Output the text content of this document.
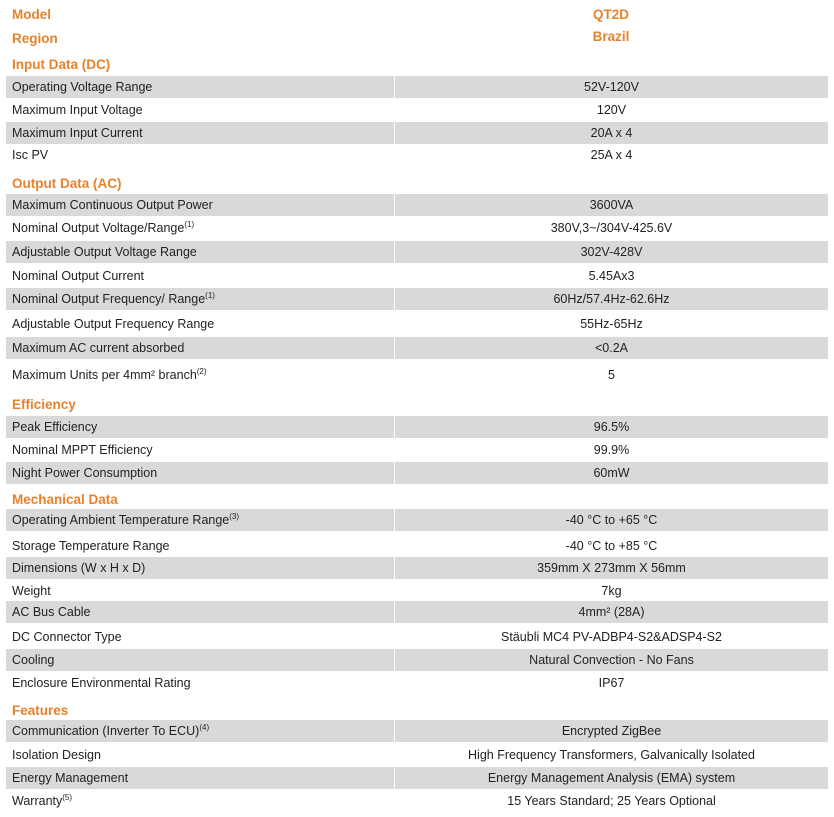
Model	QT2D
Region	Brazil
Input Data (DC)
Operating Voltage Range	52V-120V
Maximum Input Voltage	120V
Maximum Input Current	20A x 4
Isc PV	25A x 4
Output Data (AC)
Maximum Continuous Output Power	3600VA
Nominal Output Voltage/Range$^{(1)}$	380V,3~/304V-425.6V
Adjustable Output Voltage Range	302V-428V
Nominal Output Current	5.45Ax3
Nominal Output Frequency/ Range$^{(1)}$	60Hz/57.4Hz-62.6Hz
Adjustable Output Frequency Range	55Hz-65Hz
Maximum AC current absorbed	<0.2A
Maximum Units per 4mm² branch$^{(2)}$	5
Efficiency
Peak Efficiency	96.5%
Nominal MPPT Efficiency	99.9%
Night Power Consumption	60mW
Mechanical Data
Operating Ambient Temperature Range$^{(3)}$	-40 °C to +65 °C
Storage Temperature Range	-40 °C to +85 °C
Dimensions (W x H x D)	359mm X 273mm X 56mm
Weight	7kg
AC Bus Cable	4mm² (28A)
DC Connector Type	Stäubli MC4 PV-ADBP4-S2&ADSP4-S2
Cooling	Natural Convection - No Fans
Enclosure Environmental Rating	IP67
Features
Communication (Inverter To ECU)$^{(4)}$	Encrypted ZigBee
Isolation Design	High Frequency Transformers, Galvanically Isolated
Energy Management	Energy Management Analysis (EMA) system
Warranty$^{(5)}$	15 Years Standard; 25 Years Optional
